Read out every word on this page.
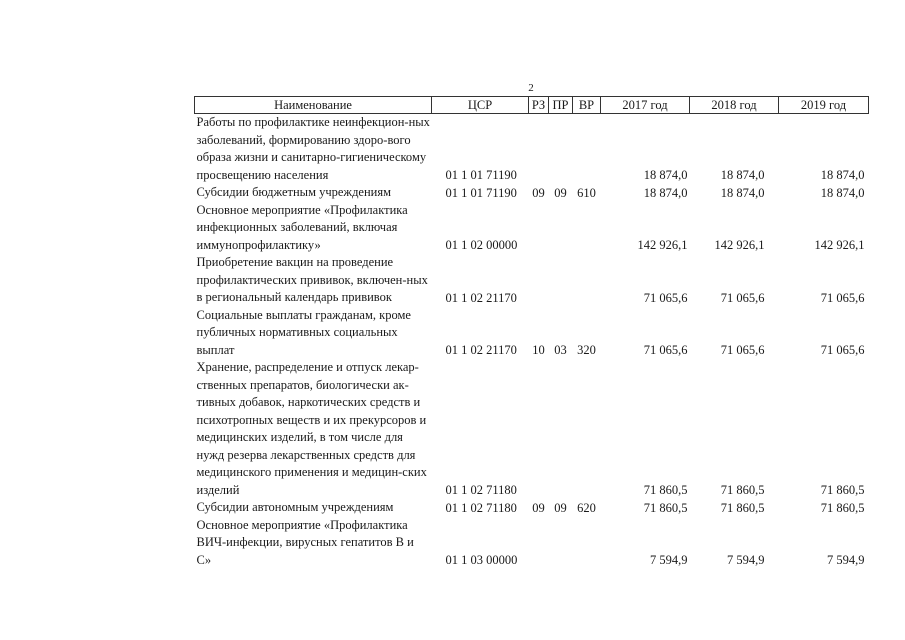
2
Наименование	ЦСР	РЗ	ПР	ВР	2017 год	2018 год	2019 год
Работы по профилактике неинфекцион-ных заболеваний, формированию здоро-вого образа жизни и санитарно-гигиеническому просвещению населения	01 1 01 71190				18 874,0	18 874,0	18 874,0
Субсидии бюджетным учреждениям	01 1 01 71190	09	09	610	18 874,0	18 874,0	18 874,0
Основное мероприятие «Профилактика инфекционных заболеваний, включая иммунопрофилактику»	01 1 02 00000				142 926,1	142 926,1	142 926,1
Приобретение вакцин на проведение профилактических прививок, включен-ных в региональный календарь прививок	01 1 02 21170				71 065,6	71 065,6	71 065,6
Социальные выплаты гражданам, кроме публичных нормативных социальных выплат	01 1 02 21170	10	03	320	71 065,6	71 065,6	71 065,6
Хранение, распределение и отпуск лекар-ственных препаратов, биологически ак-тивных добавок, наркотических средств и психотропных веществ и их прекурсоров и медицинских изделий, в том числе для нужд резерва лекарственных средств для медицинского применения и медицин-ских изделий	01 1 02 71180				71 860,5	71 860,5	71 860,5
Субсидии автономным учреждениям	01 1 02 71180	09	09	620	71 860,5	71 860,5	71 860,5
Основное мероприятие «Профилактика ВИЧ-инфекции, вирусных гепатитов В и С»	01 1 03 00000				7 594,9	7 594,9	7 594,9
